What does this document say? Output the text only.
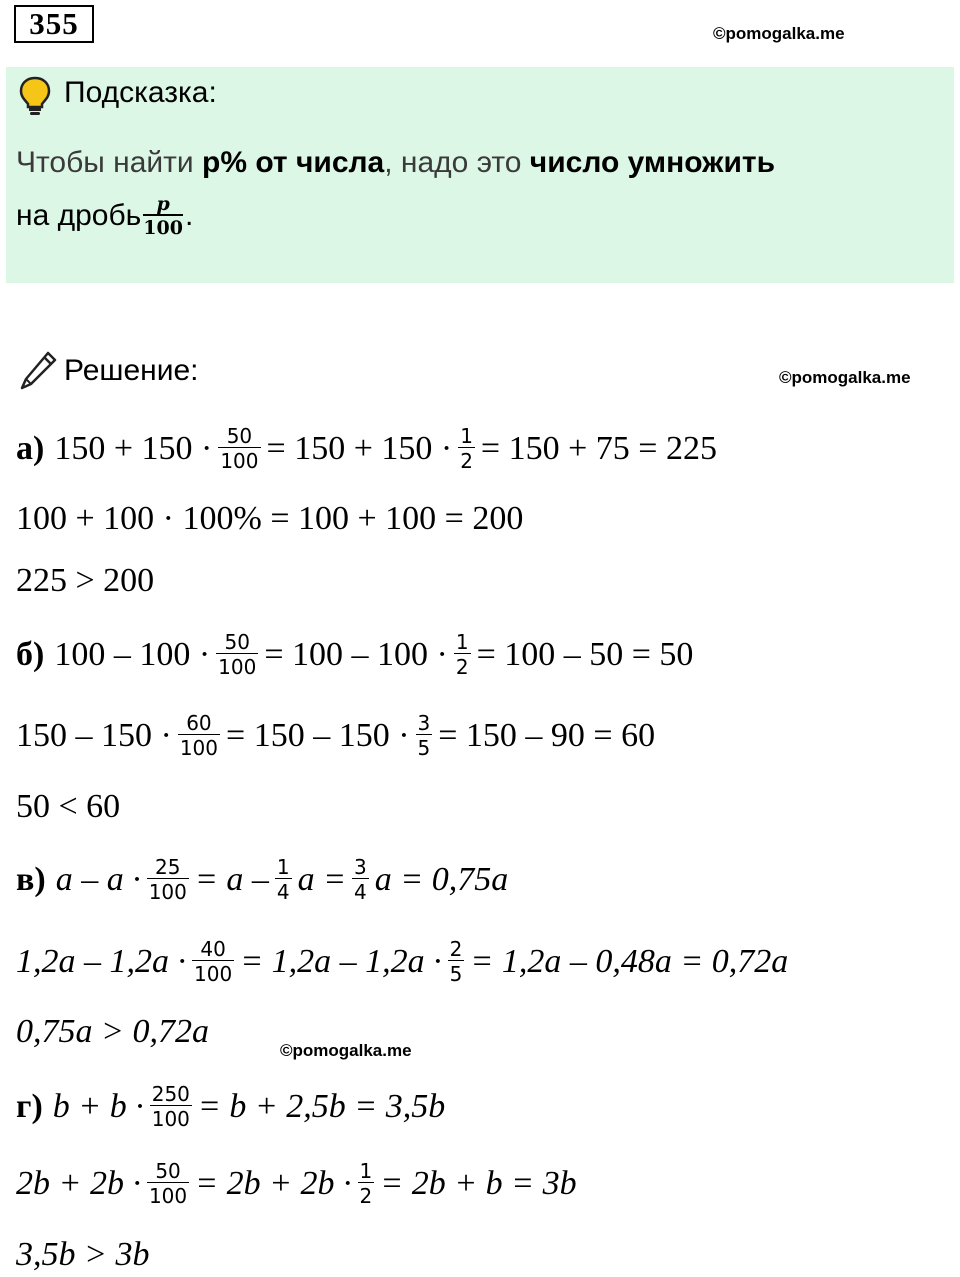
355	©pomogalka.me
Подсказка:
Чтобы найти p% от числа, надо это число умножить
на дробь $\frac{p}{100}$ .
Решение:	©pomogalka.me
а) $150 + 150 \cdot \frac{50}{100} = 150 + 150 \cdot \frac{1}{2} = 150 + 75 = 225$
100 + 100 · 100% = 100 + 100 = 200
225 > 200
б) $100 - 100 \cdot \frac{50}{100} = 100 - 100 \cdot \frac{1}{2} = 100 - 50 = 50$
$150 - 150 \cdot \frac{60}{100} = 150 - 150 \cdot \frac{3}{5} = 150 - 90 = 60$
50 < 60
в) $a - a \cdot \frac{25}{100} = a - \frac{1}{4}$ $a = \frac{3}{4}$ a = 0,75a
$1,2a - 1,2a \cdot \frac{40}{100} = 1,2a - 1,2a \cdot \frac{2}{5} = 1,2a - 0,48a = 0,72a$
0,75a > 0,72a
©pomogalka.me
г) $b + b \cdot \frac{250}{100} = b + 2,5b = 3,5b$
$2b + 2b \cdot \frac{50}{100} = 2b + 2b \cdot \frac{1}{2} = 2b + b = 3b$
3,5b > 3b
